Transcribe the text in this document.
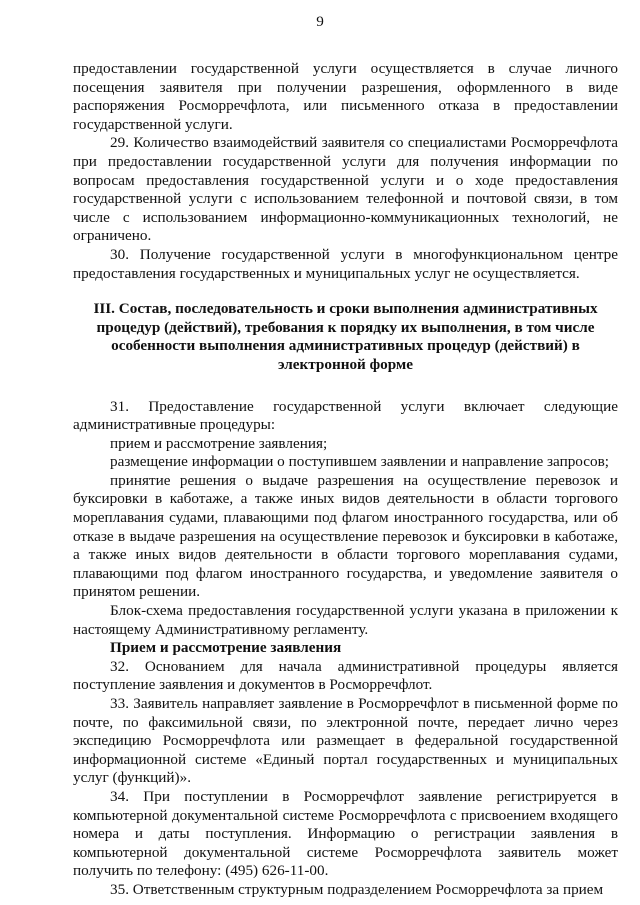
9

предоставлении государственной услуги осуществляется в случае личного посещения заявителя при получении разрешения, оформленного в виде распоряжения Росморречфлота, или письменного отказа в предоставлении государственной услуги.

29. Количество взаимодействий заявителя со специалистами Росморречфлота при предоставлении государственной услуги для получения информации по вопросам предоставления государственной услуги и о ходе предоставления государственной услуги с использованием телефонной и почтовой связи, в том числе с использованием информационно-коммуникационных технологий, не ограничено.

30. Получение государственной услуги в многофункциональном центре предоставления государственных и муниципальных услуг не осуществляется.

III. Состав, последовательность и сроки выполнения административных процедур (действий), требования к порядку их выполнения, в том числе особенности выполнения административных процедур (действий) в электронной форме

31. Предоставление государственной услуги включает следующие административные процедуры:

прием и рассмотрение заявления;

размещение информации о поступившем заявлении и направление запросов;

принятие решения о выдаче разрешения на осуществление перевозок и буксировки в каботаже, а также иных видов деятельности в области торгового мореплавания судами, плавающими под флагом иностранного государства, или об отказе в выдаче разрешения на осуществление перевозок и буксировки в каботаже, а также иных видов деятельности в области торгового мореплавания судами, плавающими под флагом иностранного государства, и уведомление заявителя о принятом решении.

Блок-схема предоставления государственной услуги указана в приложении к настоящему Административному регламенту.

Прием и рассмотрение заявления

32. Основанием для начала административной процедуры является поступление заявления и документов в Росморречфлот.

33. Заявитель направляет заявление в Росморречфлот в письменной форме по почте, по факсимильной связи, по электронной почте, передает лично через экспедицию Росморречфлота или размещает в федеральной государственной информационной системе «Единый портал государственных и муниципальных услуг (функций)».

34. При поступлении в Росморречфлот заявление регистрируется в компьютерной документальной системе Росморречфлота с присвоением входящего номера и даты поступления. Информацию о регистрации заявления в компьютерной документальной системе Росморречфлота заявитель может получить по телефону: (495) 626-11-00.

35. Ответственным структурным подразделением Росморречфлота за прием
